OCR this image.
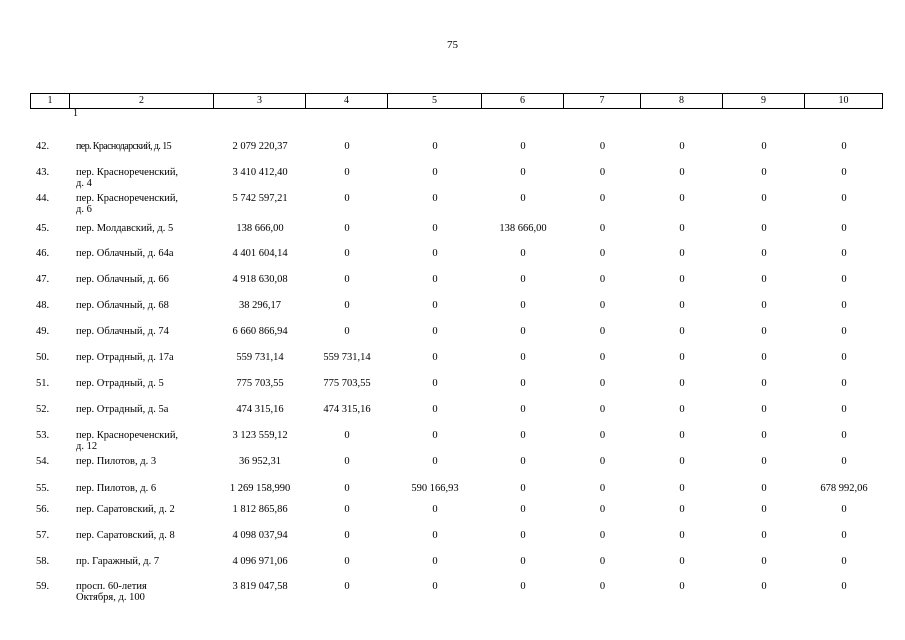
75
1	2	3	4	5	6	7	8	9	10
1
42.	пер. Краснодарский, д. 15	2 079 220,37	0	0	0	0	0	0	0
43.	пер. Краснореченский,
д. 4
3 410 412,40	0	0	0	0	0	0	0
44.	пер. Краснореченский,
д. 6
5 742 597,21	0	0	0	0	0	0	0
45.	пер. Молдавский, д. 5	138 666,00	0	0	138 666,00	0	0	0	0
46.	пер. Облачный, д. 64а	4 401 604,14	0	0	0	0	0	0	0
47.	пер. Облачный, д. 66	4 918 630,08	0	0	0	0	0	0	0
48.	пер. Облачный, д. 68	38 296,17	0	0	0	0	0	0	0
49.	пер. Облачный, д. 74	6 660 866,94	0	0	0	0	0	0	0
50.	пер. Отрадный, д. 17а	559 731,14	559 731,14	0	0	0	0	0	0
51.	пер. Отрадный, д. 5	775 703,55	775 703,55	0	0	0	0	0	0
52.	пер. Отрадный, д. 5а	474 315,16	474 315,16	0	0	0	0	0	0
53.	пер. Краснореченский,
д. 12
3 123 559,12	0	0	0	0	0	0	0
54.	пер. Пилотов, д. 3	36 952,31	0	0	0	0	0	0	0
55.	пер. Пилотов, д. 6	1 269 158,990	0	590 166,93	0	0	0	0	678 992,06
56.	пер. Саратовский, д. 2	1 812 865,86	0	0	0	0	0	0	0
57.	пер. Саратовский, д. 8	4 098 037,94	0	0	0	0	0	0	0
58.	пр. Гаражный, д. 7	4 096 971,06	0	0	0	0	0	0	0
59.	просп. 60-летия
Октября, д. 100
3 819 047,58	0	0	0	0	0	0	0
